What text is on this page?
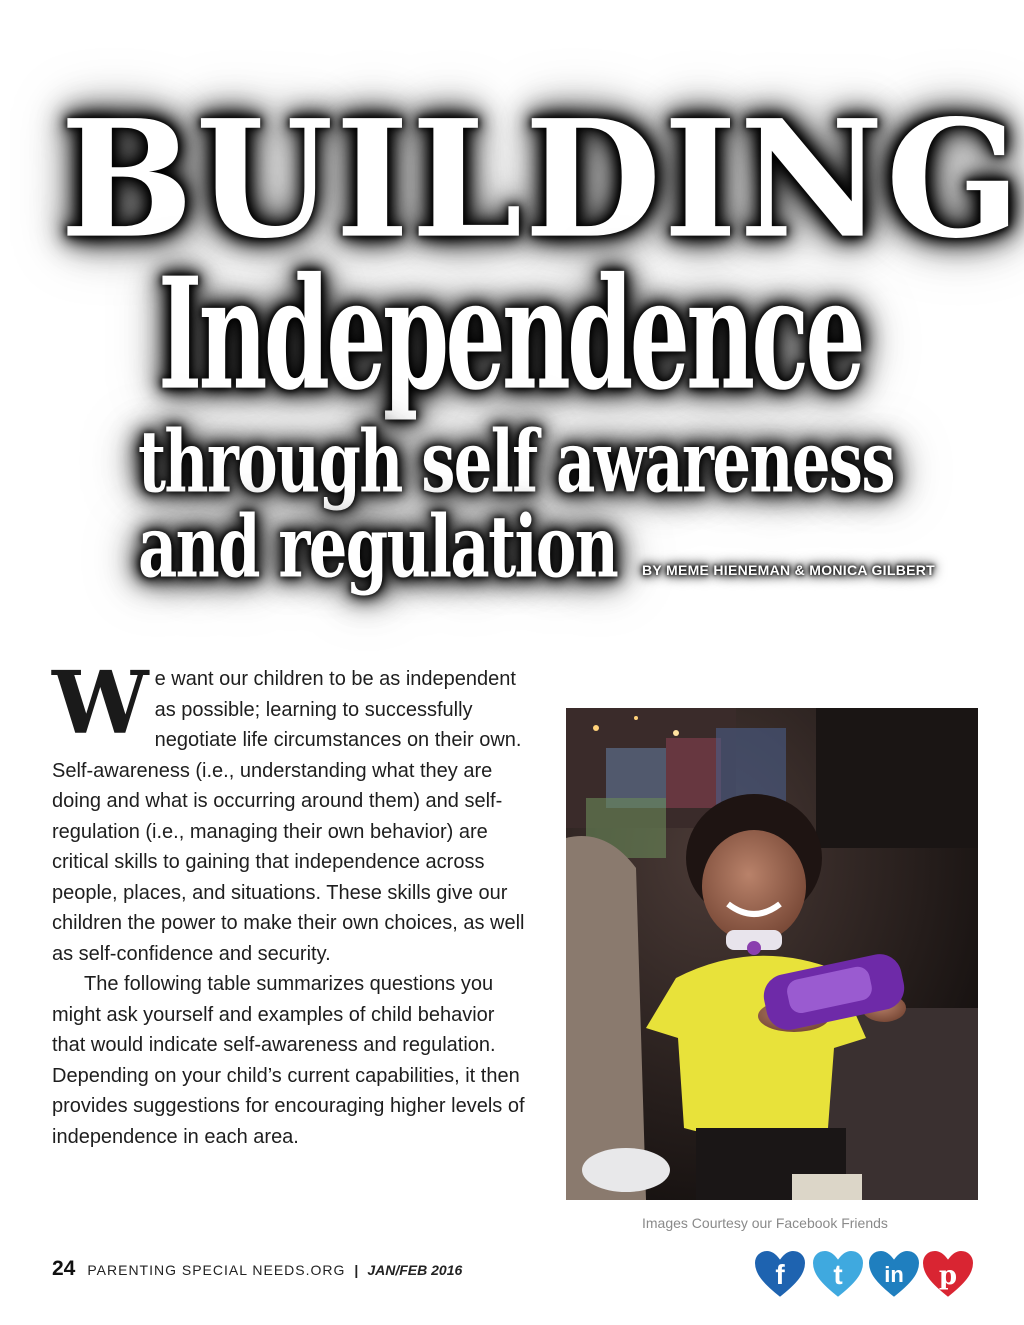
BUILDING
Independence
through self awareness
and regulation BY MEME HIENEMAN & MONICA GILBERT

We want our children to be as independent as possible; learning to successfully negotiate life circumstances on their own. Self-awareness (i.e., understanding what they are doing and what is occurring around them) and self-regulation (i.e., managing their own behavior) are critical skills to gaining that independence across people, places, and situations. These skills give our children the power to make their own choices, as well as self-confidence and security.

The following table summarizes questions you might ask yourself and examples of child behavior that would indicate self-awareness and regulation. Depending on your child’s current capabilities, it then provides suggestions for encouraging higher levels of independence in each area.

Images Courtesy our Facebook Friends
24 PARENTING SPECIAL NEEDS.ORG | JAN/FEB 2016	f t in p
